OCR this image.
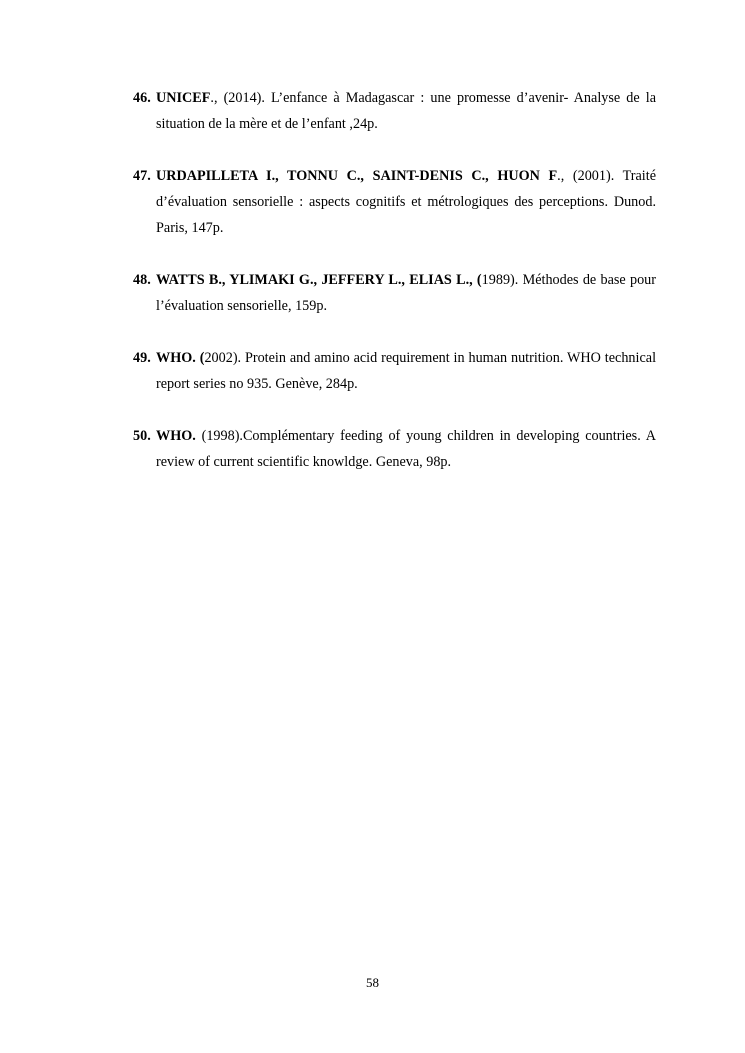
46. UNICEF., (2014). L’enfance à Madagascar : une promesse d’avenir- Analyse de la situation de la mère et de l’enfant ,24p.
47. URDAPILLETA I., TONNU C., SAINT-DENIS C., HUON F., (2001). Traité d’évaluation sensorielle : aspects cognitifs et métrologiques des perceptions. Dunod. Paris, 147p.
48. WATTS B., YLIMAKI G., JEFFERY L., ELIAS L., (1989). Méthodes de base pour l’évaluation sensorielle, 159p.
49. WHO. (2002). Protein and amino acid requirement in human nutrition. WHO technical report series no 935. Genève, 284p.
50. WHO. (1998).Complémentary feeding of young children in developing countries. A review of current scientific knowldge. Geneva, 98p.
58
